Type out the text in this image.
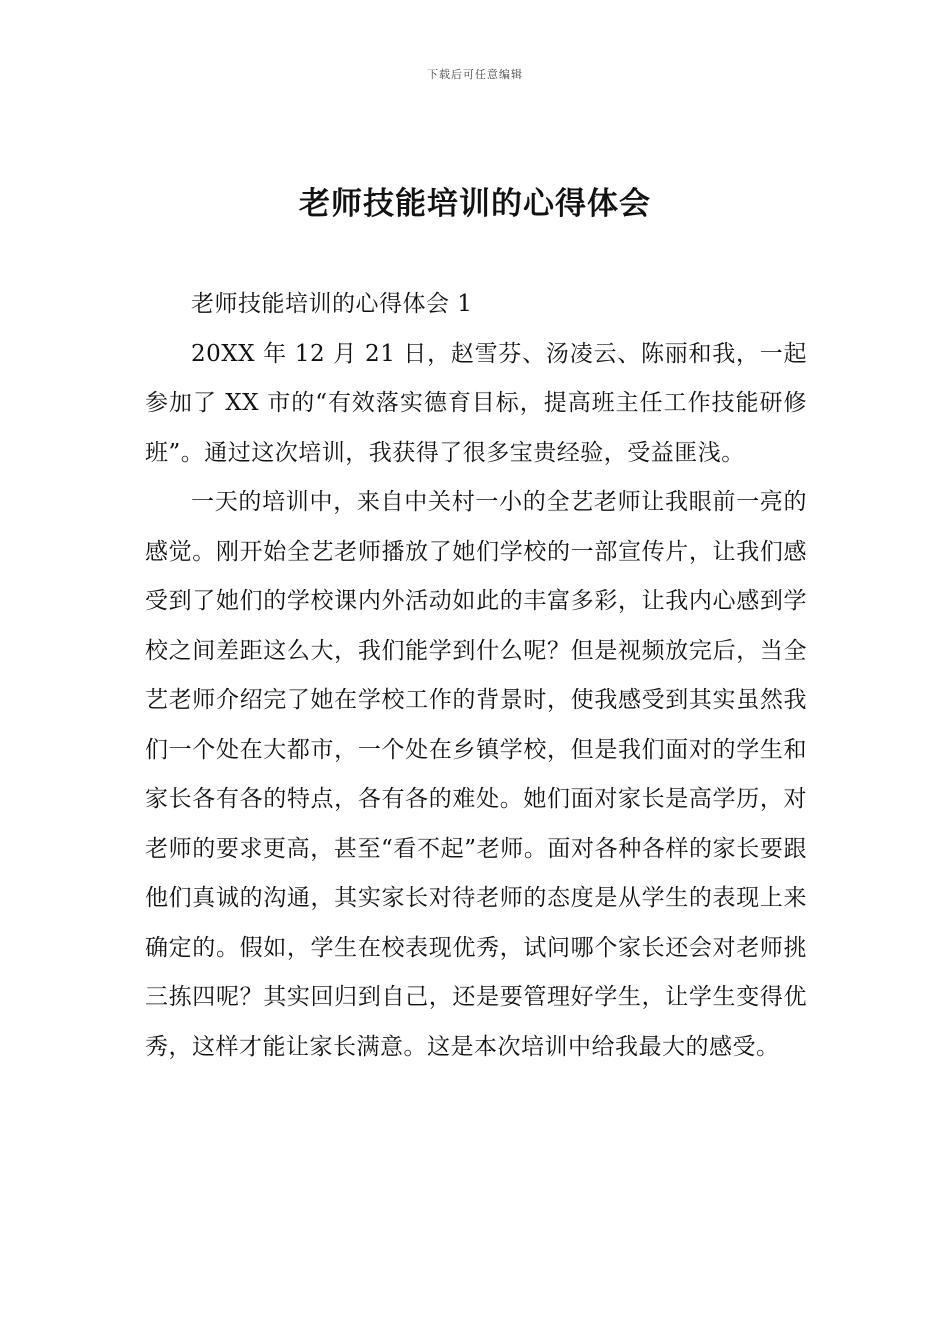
下载后可任意编辑
老师技能培训的心得体会

老师技能培训的心得体会 1

20XX 年 12 月 21 日，赵雪芬、汤凌云、陈丽和我，一起参加了 XX 市的“有效落实德育目标，提高班主任工作技能研修班”。通过这次培训，我获得了很多宝贵经验，受益匪浅。

一天的培训中，来自中关村一小的全艺老师让我眼前一亮的感觉。刚开始全艺老师播放了她们学校的一部宣传片，让我们感受到了她们的学校课内外活动如此的丰富多彩，让我内心感到学校之间差距这么大，我们能学到什么呢？但是视频放完后，当全艺老师介绍完了她在学校工作的背景时，使我感受到其实虽然我们一个处在大都市，一个处在乡镇学校，但是我们面对的学生和家长各有各的特点，各有各的难处。她们面对家长是高学历，对老师的要求更高，甚至“看不起”老师。面对各种各样的家长要跟他们真诚的沟通，其实家长对待老师的态度是从学生的表现上来确定的。假如，学生在校表现优秀，试问哪个家长还会对老师挑三拣四呢？其实回归到自己，还是要管理好学生，让学生变得优秀，这样才能让家长满意。这是本次培训中给我最大的感受。
